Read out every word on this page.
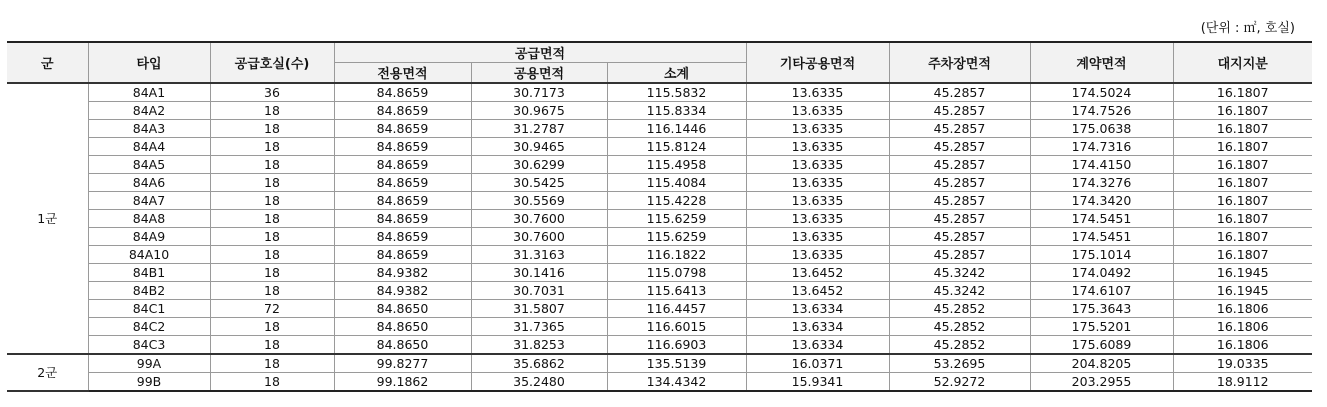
(단위 : ㎡, 호실)
군	타입	공급호실(수)	공급면적			기타공용면적	주차장면적	계약면적	대지지분
			전용면적	공용면적	소계				
1군	84A1	36	84.8659	30.7173	115.5832	13.6335	45.2857	174.5024	16.1807
	84A2	18	84.8659	30.9675	115.8334	13.6335	45.2857	174.7526	16.1807
	84A3	18	84.8659	31.2787	116.1446	13.6335	45.2857	175.0638	16.1807
	84A4	18	84.8659	30.9465	115.8124	13.6335	45.2857	174.7316	16.1807
	84A5	18	84.8659	30.6299	115.4958	13.6335	45.2857	174.4150	16.1807
	84A6	18	84.8659	30.5425	115.4084	13.6335	45.2857	174.3276	16.1807
	84A7	18	84.8659	30.5569	115.4228	13.6335	45.2857	174.3420	16.1807
	84A8	18	84.8659	30.7600	115.6259	13.6335	45.2857	174.5451	16.1807
	84A9	18	84.8659	30.7600	115.6259	13.6335	45.2857	174.5451	16.1807
	84A10	18	84.8659	31.3163	116.1822	13.6335	45.2857	175.1014	16.1807
	84B1	18	84.9382	30.1416	115.0798	13.6452	45.3242	174.0492	16.1945
	84B2	18	84.9382	30.7031	115.6413	13.6452	45.3242	174.6107	16.1945
	84C1	72	84.8650	31.5807	116.4457	13.6334	45.2852	175.3643	16.1806
	84C2	18	84.8650	31.7365	116.6015	13.6334	45.2852	175.5201	16.1806
	84C3	18	84.8650	31.8253	116.6903	13.6334	45.2852	175.6089	16.1806
2군	99A	18	99.8277	35.6862	135.5139	16.0371	53.2695	204.8205	19.0335
	99B	18	99.1862	35.2480	134.4342	15.9341	52.9272	203.2955	18.9112
